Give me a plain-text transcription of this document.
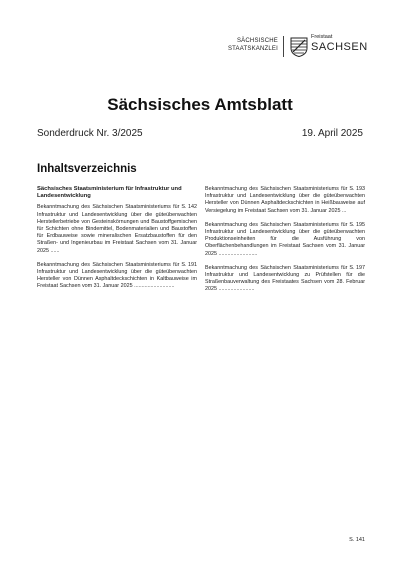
SÄCHSISCHE
STAATSKANZLEI
Freistaat
SACHSEN
Sächsisches Amtsblatt
Sonderdruck Nr. 3/2025	19. April 2025
Inhaltsverzeichnis
Sächsisches Staatsministerium für Infrastruktur und Landesentwicklung
S. 142
Bekanntmachung des Sächsischen Staatsministeriums für Infrastruktur und Landesentwicklung über die güteüberwachten Herstellerbetriebe von Gesteinskörnungen und Baustoffgemischen für Schichten ohne Bindemittel, Bodenmaterialien und Baustoffen für Erdbauweise sowie mineralischen Ersatzbaustoffen für den Straßen- und Ingenieurbau im Freistaat Sachsen vom 31. Januar 2025 ......
S. 191
Bekanntmachung des Sächsischen Staatsministeriums für Infrastruktur und Landesentwicklung über die güteüberwachten Hersteller von Dünnen Asphaltdeckschichten in Kaltbauweise im Freistaat Sachsen vom 31. Januar 2025 ...........................
S. 193
Bekanntmachung des Sächsischen Staatsministeriums für Infrastruktur und Landesentwicklung über die güteüberwachten Hersteller von Dünnen Asphaltdeckschichten in Heißbauweise auf Versiegelung im Freistaat Sachsen vom 31. Januar 2025 ...
S. 195
Bekanntmachung des Sächsischen Staatsministeriums für Infrastruktur und Landesentwicklung über die güteüberwachten Produktionseinheiten für die Ausführung von Oberflächenbehandlungen im Freistaat Sachsen vom 31. Januar 2025 ..........................
S. 197
Bekanntmachung des Sächsischen Staatsministeriums für Infrastruktur und Landesentwicklung zu Prüfstellen für die Straßenbauverwaltung des Freistaates Sachsen vom 28. Februar 2025 ........................
S. 141
